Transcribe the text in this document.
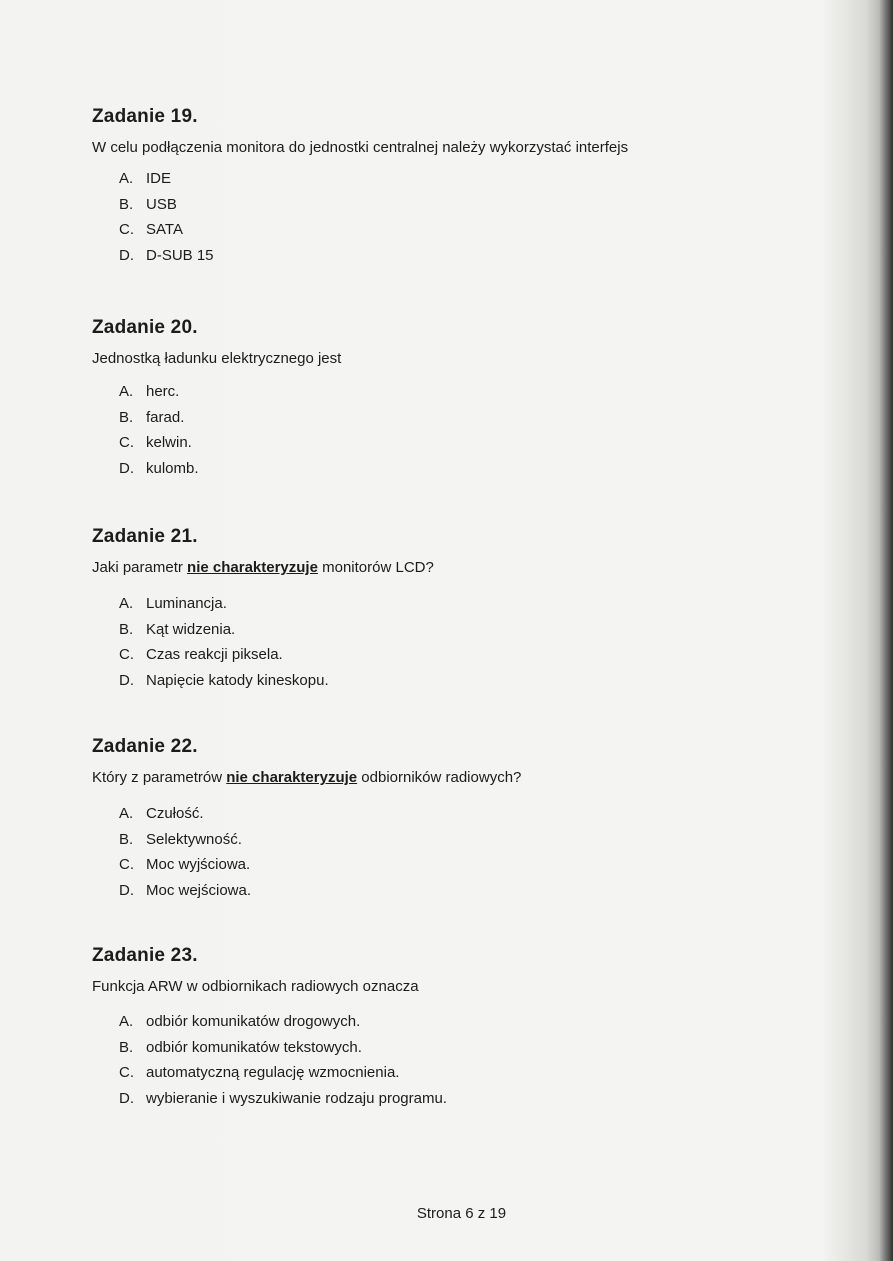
Zadanie 19.
W celu podłączenia monitora do jednostki centralnej należy wykorzystać interfejs
A. IDE
B. USB
C. SATA
D. D-SUB 15
Zadanie 20.
Jednostką ładunku elektrycznego jest
A. herc.
B. farad.
C. kelwin.
D. kulomb.
Zadanie 21.
Jaki parametr nie charakteryzuje monitorów LCD?
A. Luminancja.
B. Kąt widzenia.
C. Czas reakcji piksela.
D. Napięcie katody kineskopu.
Zadanie 22.
Który z parametrów nie charakteryzuje odbiorników radiowych?
A. Czułość.
B. Selektywność.
C. Moc wyjściowa.
D. Moc wejściowa.
Zadanie 23.
Funkcja ARW w odbiornikach radiowych oznacza
A. odbiór komunikatów drogowych.
B. odbiór komunikatów tekstowych.
C. automatyczną regulację wzmocnienia.
D. wybieranie i wyszukiwanie rodzaju programu.
Strona 6 z 19
